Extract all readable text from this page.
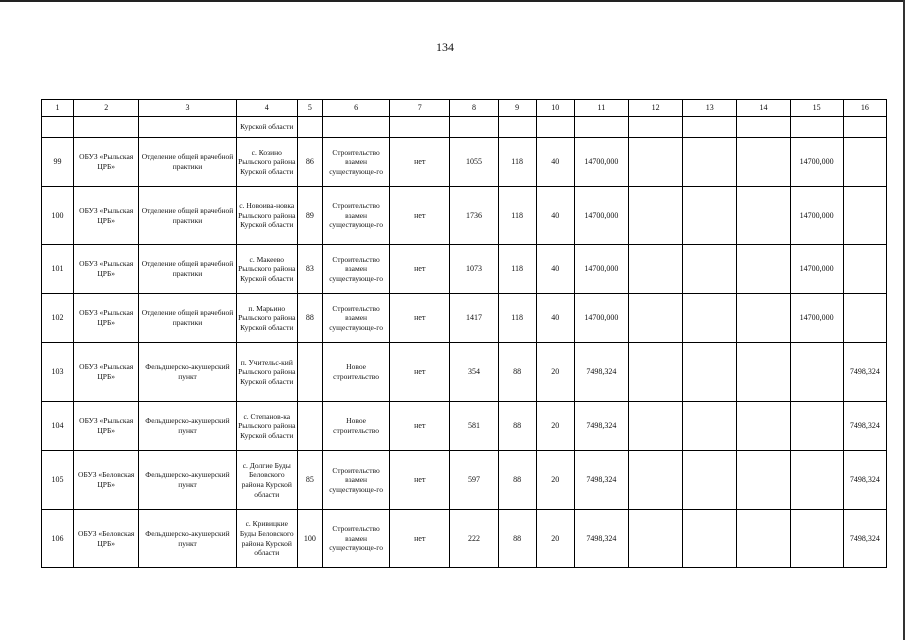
134
1	2	3	4	5	6	7	8	9	10	11	12	13	14	15	16
			Курской области												
99	ОБУЗ «Рыльская ЦРБ»	Отделение общей врачебной практики	с. Козино Рыльского района Курской области	86	Строительство взамен существующе-го	нет	1055	118	40	14700,000				14700,000	
100	ОБУЗ «Рыльская ЦРБ»	Отделение общей врачебной практики	с. Новоива-новка Рыльского района Курской области	89	Строительство взамен существующе-го	нет	1736	118	40	14700,000				14700,000	
101	ОБУЗ «Рыльская ЦРБ»	Отделение общей врачебной практики	с. Макеево Рыльского района Курской области	83	Строительство взамен существующе-го	нет	1073	118	40	14700,000				14700,000	
102	ОБУЗ «Рыльская ЦРБ»	Отделение общей врачебной практики	п. Марьино Рыльского района Курской области	88	Строительство взамен существующе-го	нет	1417	118	40	14700,000				14700,000	
103	ОБУЗ «Рыльская ЦРБ»	Фельдшерско-акушерский пункт	п. Учительс-кий Рыльского района Курской области		Новое строительство	нет	354	88	20	7498,324					7498,324
104	ОБУЗ «Рыльская ЦРБ»	Фельдшерско-акушерский пункт	с. Степанов-ка Рыльского района Курской области		Новое строительство	нет	581	88	20	7498,324					7498,324
105	ОБУЗ «Беловская ЦРБ»	Фельдшерско-акушерский пункт	с. Долгие Буды Беловского района Курской области	85	Строительство взамен существующе-го	нет	597	88	20	7498,324					7498,324
106	ОБУЗ «Беловская ЦРБ»	Фельдшерско-акушерский пункт	с. Кривицкие Буды Беловского района Курской области	100	Строительство взамен существующе-го	нет	222	88	20	7498,324					7498,324
